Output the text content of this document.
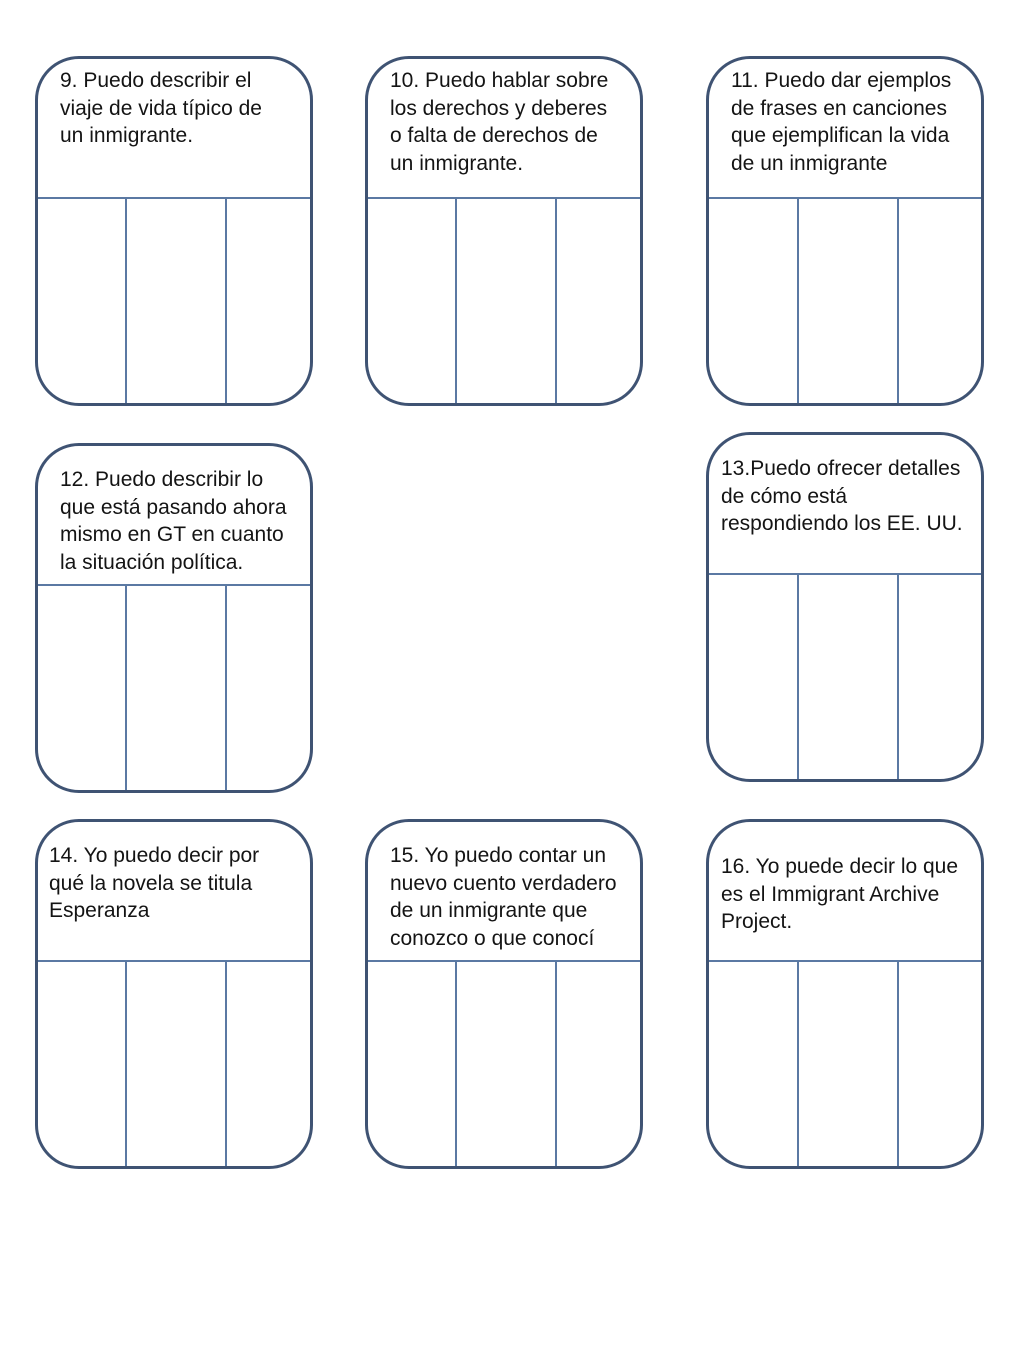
9. Puedo describir el
viaje de vida típico de
un inmigrante.

10. Puedo hablar sobre
los derechos y deberes
o falta de derechos de
un inmigrante.

11. Puedo dar ejemplos
de frases en canciones
que ejemplifican la vida
de un inmigrante

12. Puedo describir lo
que está pasando ahora
mismo en GT en cuanto
la situación política.

13.Puedo ofrecer detalles
de cómo está
respondiendo los EE. UU.

14. Yo puedo decir por
qué la novela se titula
Esperanza

15. Yo puedo contar un
nuevo cuento verdadero
de un inmigrante que
conozco o que conocí

16. Yo puede decir lo que
es el Immigrant Archive
Project.
